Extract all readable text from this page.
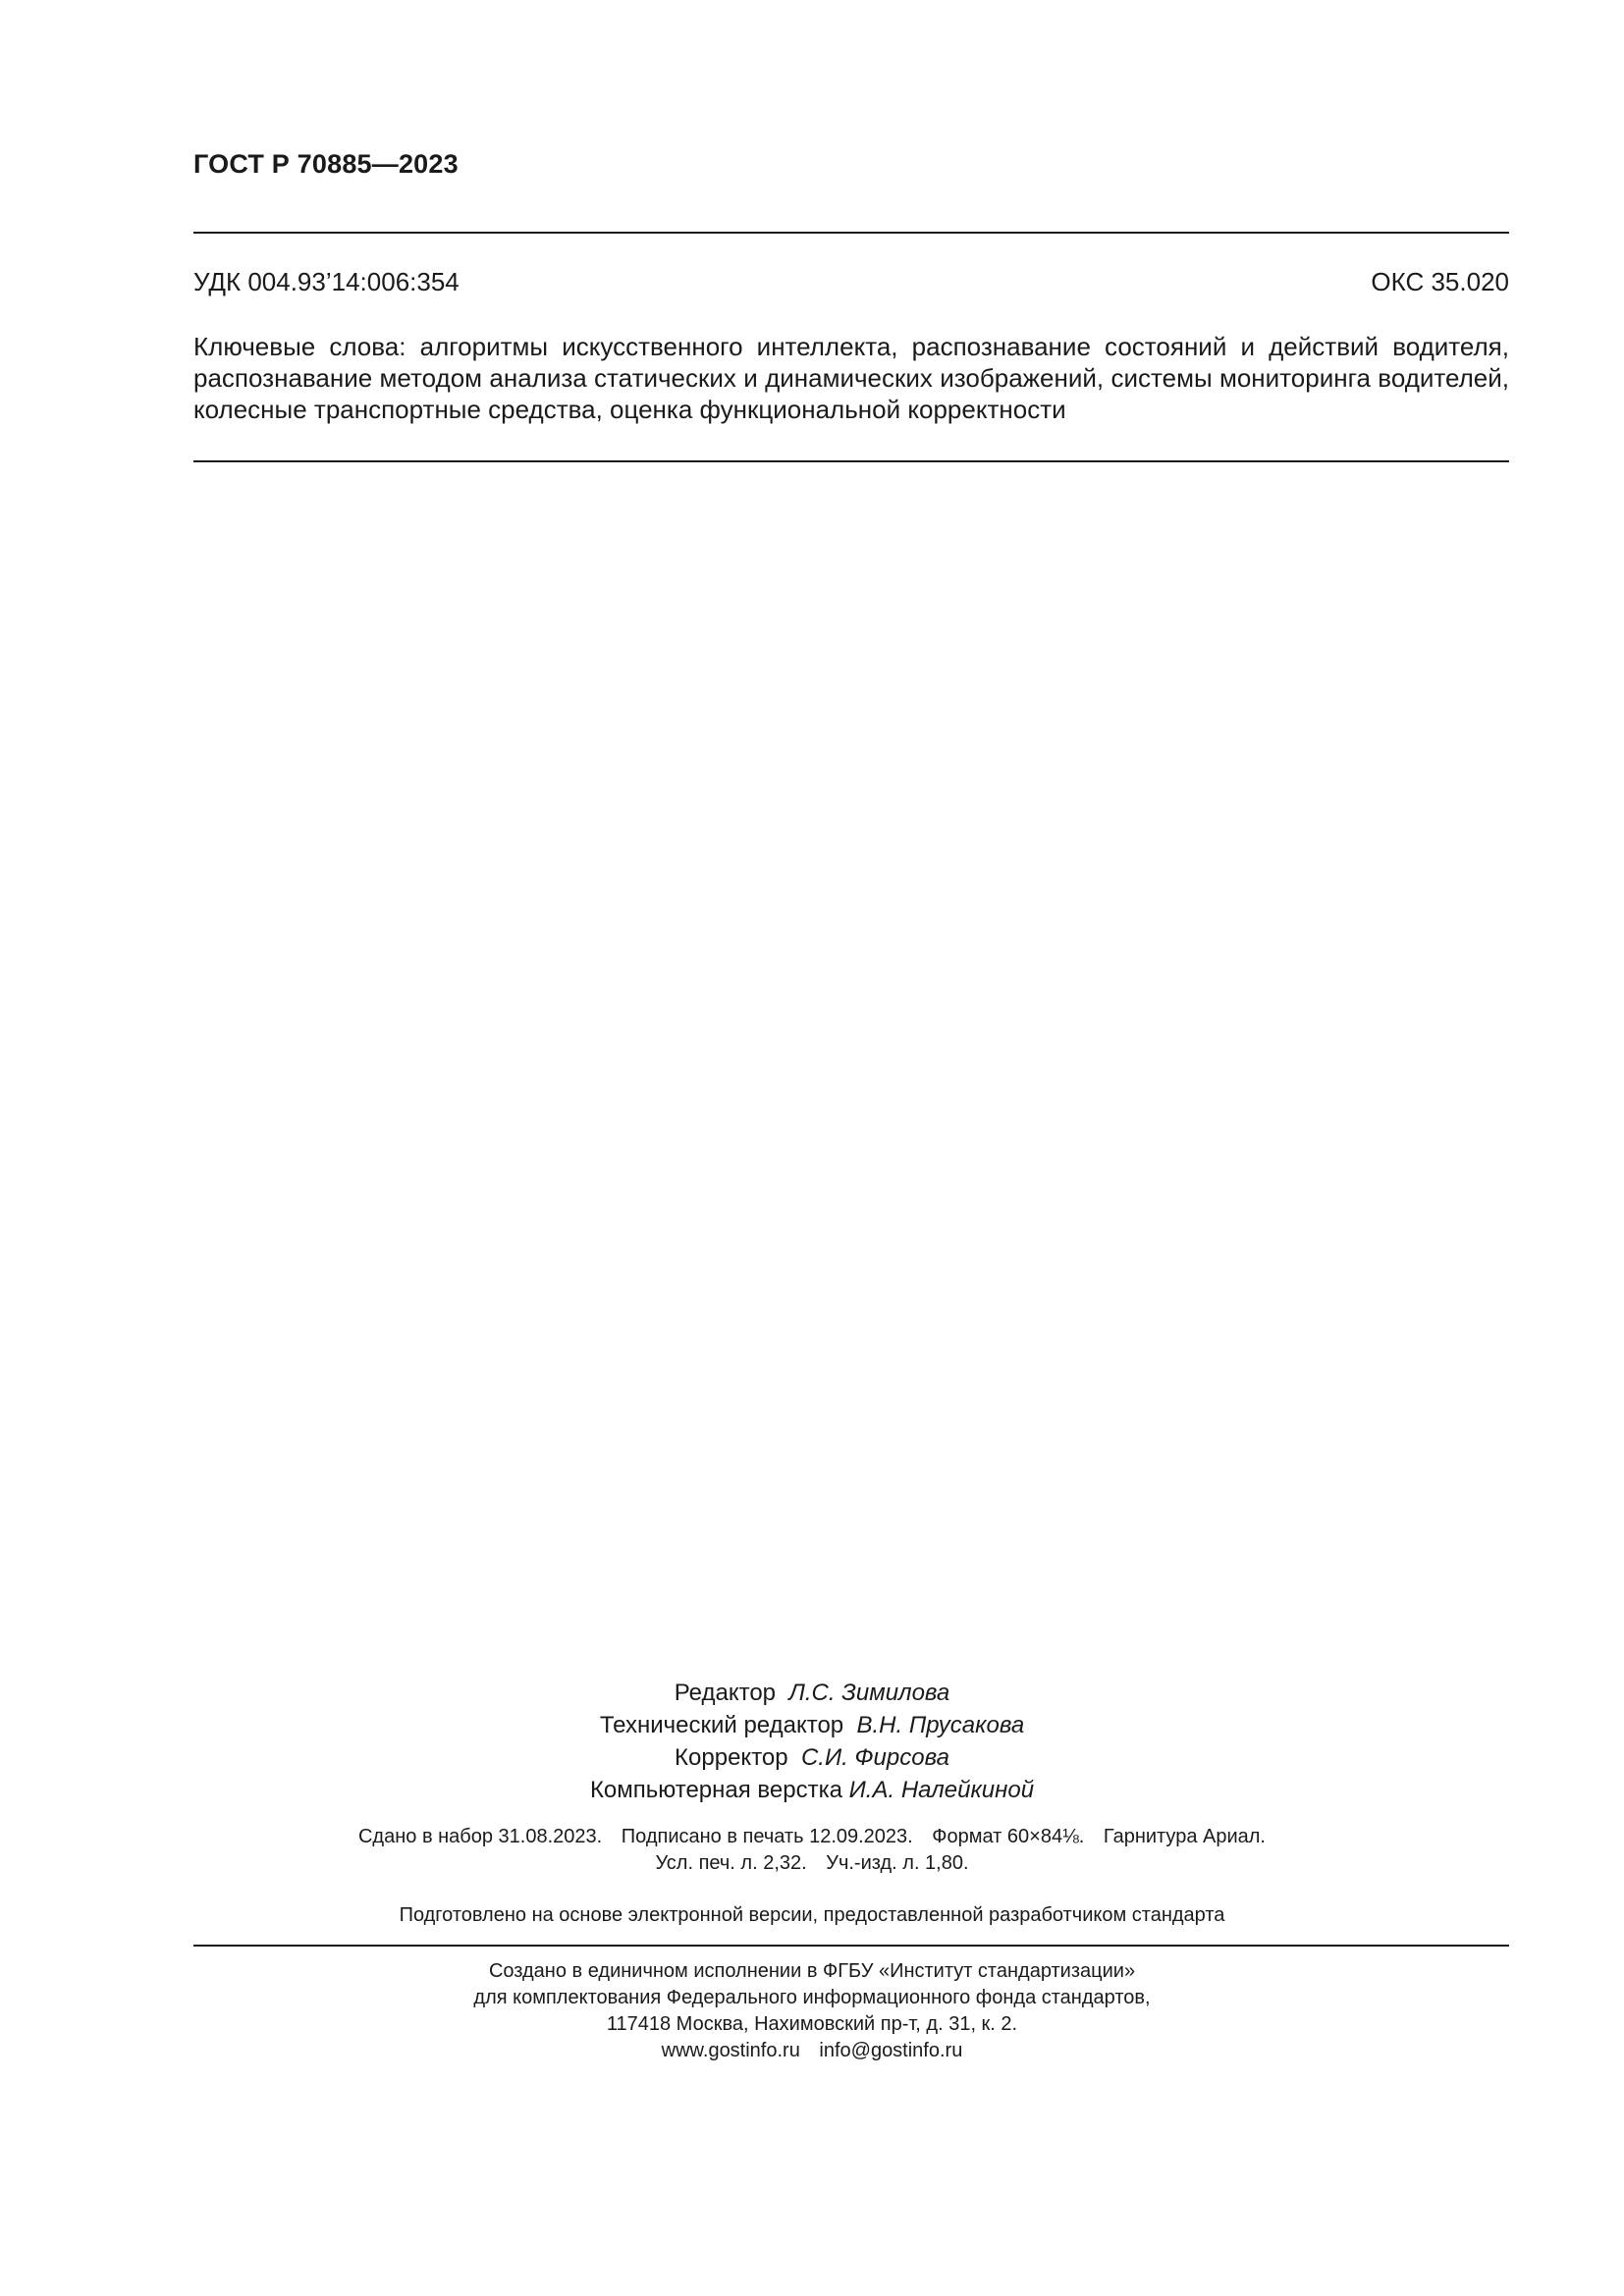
ГОСТ Р 70885—2023
УДК 004.93’14:006:354	ОКС 35.020
Ключевые слова: алгоритмы искусственного интеллекта, распознавание состояний и действий водителя, распознавание методом анализа статических и динамических изображений, системы мониторинга водителей, колесные транспортные средства, оценка функциональной корректности
Редактор Л.С. Зимилова
Технический редактор В.Н. Прусакова
Корректор С.И. Фирсова
Компьютерная верстка И.А. Налейкиной
Сдано в набор 31.08.2023. Подписано в печать 12.09.2023. Формат 60×84⅛. Гарнитура Ариал.
Усл. печ. л. 2,32. Уч.-изд. л. 1,80.
Подготовлено на основе электронной версии, предоставленной разработчиком стандарта
Создано в единичном исполнении в ФГБУ «Институт стандартизации»
для комплектования Федерального информационного фонда стандартов,
117418 Москва, Нахимовский пр-т, д. 31, к. 2.
www.gostinfo.ru info@gostinfo.ru
